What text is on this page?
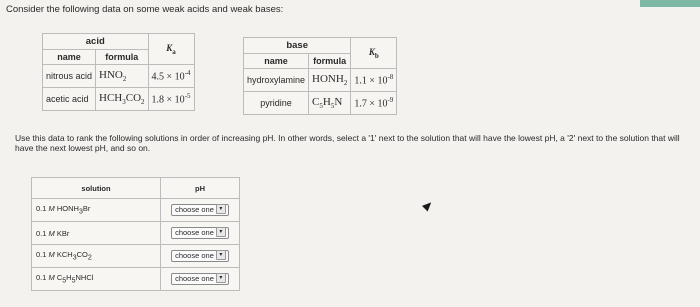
Consider the following data on some weak acids and weak bases:
acid		$K_a$
name	formula	
nitrous acid	$HNO_2$	$4.5 \times 10^{-4}$
acetic acid	$HCH_3CO_2$	$1.8 \times 10^{-5}$
base		$K_b$
name	formula	
hydroxylamine	$HONH_2$	$1.1 \times 10^{-8}$
pyridine	$C_5H_5N$	$1.7 \times 10^{-9}$
Use this data to rank the following solutions in order of increasing pH. In other words, select a '1' next to the solution that will have the lowest pH, a '2' next to the solution that will have the next lowest pH, and so on.
solution	pH
0.1 M $HONH_3Br$	choose one ▾
0.1 M KBr	choose one ▾
0.1 M $KCH_3CO_2$	choose one ▾
0.1 M $C_5H_5NHCl$	choose one ▾
